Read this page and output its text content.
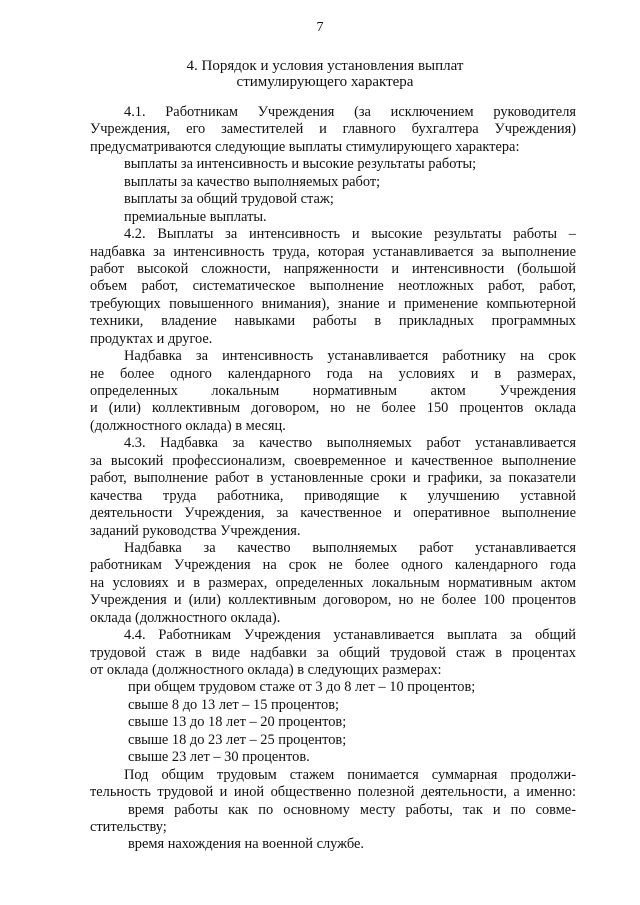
7
4. Порядок и условия установления выплат
стимулирующего характера
4.1. Работникам Учреждения (за исключением руководителя
Учреждения, его заместителей и главного бухгалтера Учреждения)
предусматриваются следующие выплаты стимулирующего характера:
выплаты за интенсивность и высокие результаты работы;
выплаты за качество выполняемых работ;
выплаты за общий трудовой стаж;
премиальные выплаты.
4.2. Выплаты за интенсивность и высокие результаты работы –
надбавка за интенсивность труда, которая устанавливается за выполнение
работ высокой сложности, напряженности и интенсивности (большой
объем работ, систематическое выполнение неотложных работ, работ,
требующих повышенного внимания), знание и применение компьютерной
техники, владение навыками работы в прикладных программных
продуктах и другое.
Надбавка за интенсивность устанавливается работнику на срок
не более одного календарного года на условиях и в размерах,
определенных локальным нормативным актом Учреждения
и (или) коллективным договором, но не более 150 процентов оклада
(должностного оклада) в месяц.
4.3. Надбавка за качество выполняемых работ устанавливается
за высокий профессионализм, своевременное и качественное выполнение
работ, выполнение работ в установленные сроки и графики, за показатели
качества труда работника, приводящие к улучшению уставной
деятельности Учреждения, за качественное и оперативное выполнение
заданий руководства Учреждения.
Надбавка за качество выполняемых работ устанавливается
работникам Учреждения на срок не более одного календарного года
на условиях и в размерах, определенных локальным нормативным актом
Учреждения и (или) коллективным договором, но не более 100 процентов
оклада (должностного оклада).
4.4. Работникам Учреждения устанавливается выплата за общий
трудовой стаж в виде надбавки за общий трудовой стаж в процентах
от оклада (должностного оклада) в следующих размерах:
при общем трудовом стаже от 3 до 8 лет – 10 процентов;
свыше 8 до 13 лет – 15 процентов;
свыше 13 до 18 лет – 20 процентов;
свыше 18 до 23 лет – 25 процентов;
свыше 23 лет – 30 процентов.
Под общим трудовым стажем понимается суммарная продолжи-
тельность трудовой и иной общественно полезной деятельности, а именно:
время работы как по основному месту работы, так и по совме-
стительству;
время нахождения на военной службе.
